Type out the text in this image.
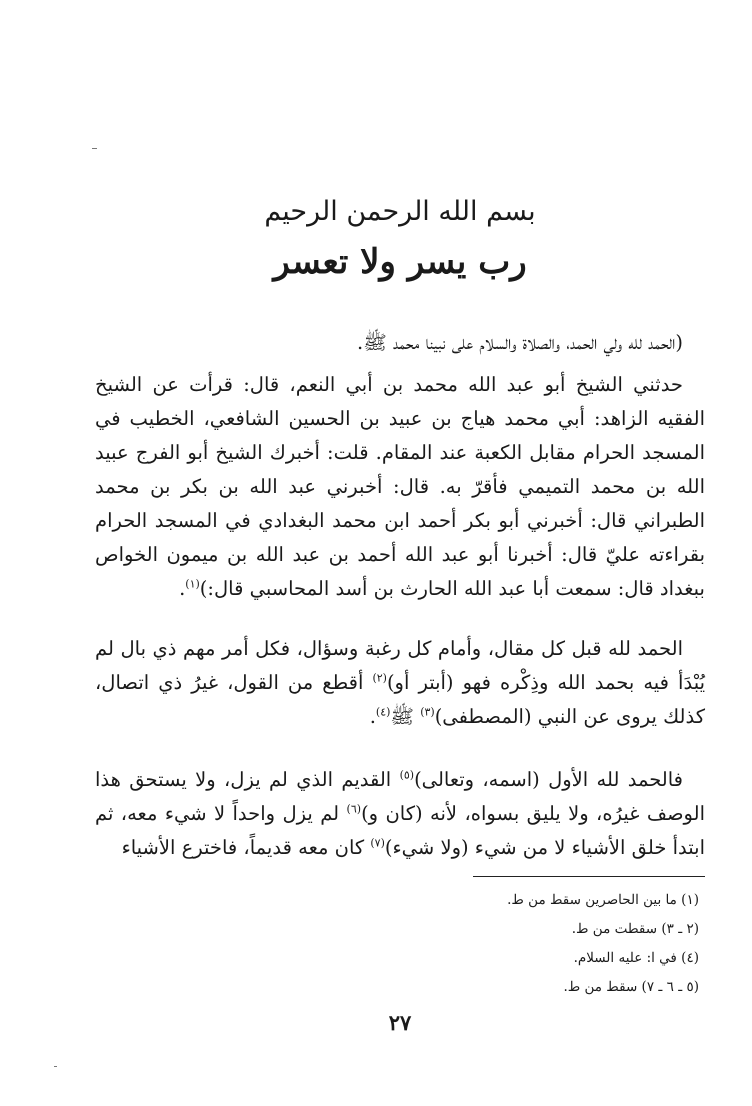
بسم الله الرحمن الرحيم
رب يسر ولا تعسر

(الحمد لله ولي الحمد، والصلاة والسلام على نبينا محمد ﷺ.

حدثني الشيخ أبو عبد الله محمد بن أبي النعم، قال: قرأت عن الشيخ الفقيه الزاهد: أبي محمد هياج بن عبيد بن الحسين الشافعي، الخطيب في المسجد الحرام مقابل الكعبة عند المقام. قلت: أخبرك الشيخ أبو الفرج عبيد الله بن محمد التميمي فأقرّ به. قال: أخبرني عبد الله بن بكر بن محمد الطبراني قال: أخبرني أبو بكر أحمد ابن محمد البغدادي في المسجد الحرام بقراءته عليّ قال: أخبرنا أبو عبد الله أحمد بن عبد الله بن ميمون الخواص ببغداد قال: سمعت أبا عبد الله الحارث بن أسد المحاسبي قال:)$^{(١)}$.

الحمد لله قبل كل مقال، وأمام كل رغبة وسؤال، فكل أمر مهم ذي بال لم يُبْدَأ فيه بحمد الله وذِكْره فهو (أبتر أو)$^{(٢)}$ أقطع من القول، غيرُ ذي اتصال، كذلك يروى عن النبي (المصطفى)$^{(٣)}$ ﷺ$^{(٤)}$.

فالحمد لله الأول (اسمه، وتعالى)$^{(٥)}$ القديم الذي لم يزل، ولا يستحق هذا الوصف غيرُه، ولا يليق بسواه، لأنه (كان و)$^{(٦)}$ لم يزل واحداً لا شيء معه، ثم ابتدأ خلق الأشياء لا من شيء (ولا شيء)$^{(٧)}$ كان معه قديماً، فاخترع الأشياء

(١) ما بين الحاصرين سقط من ط.
(٢ ـ ٣) سقطت من ط.
(٤) في ا: عليه السلام.
(٥ ـ ٦ ـ ٧) سقط من ط.
٢٧
